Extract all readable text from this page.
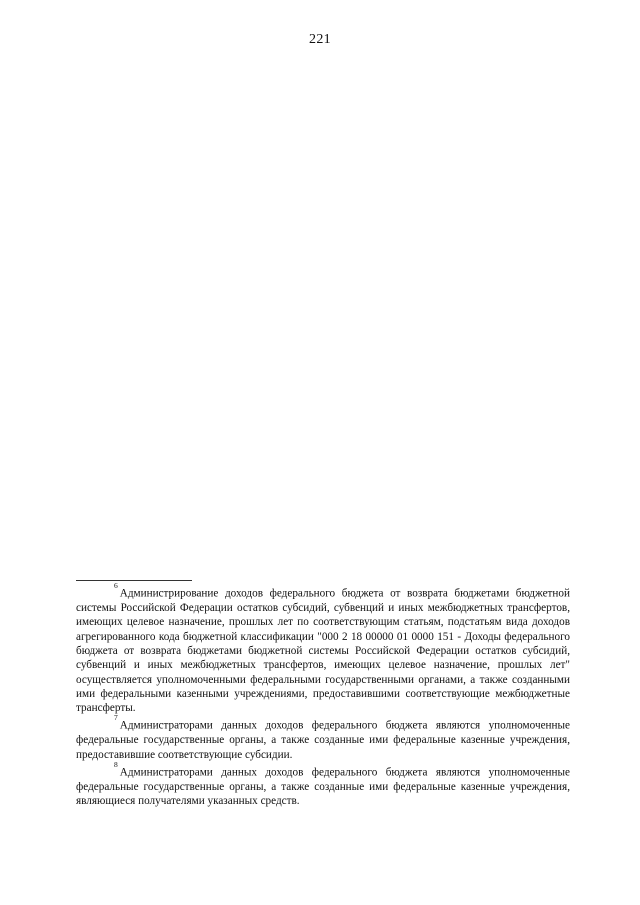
221

$^6$Администрирование доходов федерального бюджета от возврата бюджетами бюджетной системы Российской Федерации остатков субсидий, субвенций и иных межбюджетных трансфертов, имеющих целевое назначение, прошлых лет по соответствующим статьям, подстатьям вида доходов агрегированного кода бюджетной классификации "000 2 18 00000 01 0000 151 - Доходы федерального бюджета от возврата бюджетами бюджетной системы Российской Федерации остатков субсидий, субвенций и иных межбюджетных трансфертов, имеющих целевое назначение, прошлых лет" осуществляется уполномоченными федеральными государственными органами, а также созданными ими федеральными казенными учреждениями, предоставившими соответствующие межбюджетные трансферты.

$^7$Администраторами данных доходов федерального бюджета являются уполномоченные федеральные государственные органы, а также созданные ими федеральные казенные учреждения, предоставившие соответствующие субсидии.

$^8$Администраторами данных доходов федерального бюджета являются уполномоченные федеральные государственные органы, а также созданные ими федеральные казенные учреждения, являющиеся получателями указанных средств.
